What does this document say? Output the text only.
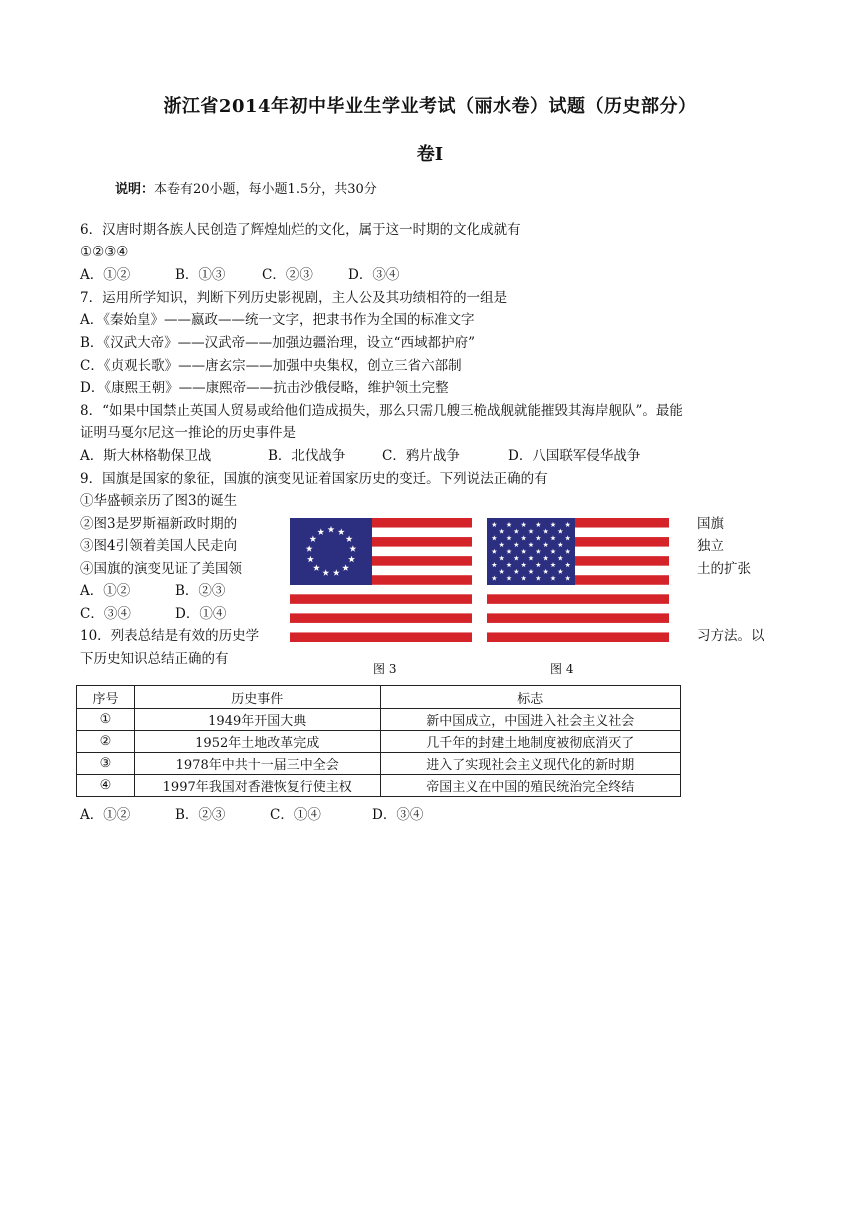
浙江省2014年初中毕业生学业考试（丽水卷）试题（历史部分）
卷I
说明：本卷有20小题，每小题1.5分，共30分
6．汉唐时期各族人民创造了辉煌灿烂的文化，属于这一时期的文化成就有
①②③④
A．①②	B．①③	C．②③	D．③④
7．运用所学知识，判断下列历史影视剧，主人公及其功绩相符的一组是
A．《秦始皇》——嬴政——统一文字，把隶书作为全国的标准文字
B．《汉武大帝》——汉武帝——加强边疆治理，设立“西域都护府”
C．《贞观长歌》——唐玄宗——加强中央集权，创立三省六部制
D．《康熙王朝》——康熙帝——抗击沙俄侵略，维护领土完整
8．“如果中国禁止英国人贸易或给他们造成损失，那么只需几艘三桅战舰就能摧毁其海岸舰队”。最能
证明马戛尔尼这一推论的历史事件是
A．斯大林格勒保卫战	B．北伐战争	C．鸦片战争	D．八国联军侵华战争
9．国旗是国家的象征，国旗的演变见证着国家历史的变迁。下列说法正确的有
①华盛顿亲历了图3的诞生
②图3是罗斯福新政时期的	国旗
③图4引领着美国人民走向	独立
④国旗的演变见证了美国领	土的扩张
A．①②	B．②③
C．③④	D．①④
图 3	图 4
10．列表总结是有效的历史学	习方法。以
下历史知识总结正确的有
序号	历史事件	标志
①	1949年开国大典	新中国成立，中国进入社会主义社会
②	1952年土地改革完成	几千年的封建土地制度被彻底消灭了
③	1978年中共十一届三中全会	进入了实现社会主义现代化的新时期
④	1997年我国对香港恢复行使主权	帝国主义在中国的殖民统治完全终结
A．①②	B．②③	C．①④	D．③④
